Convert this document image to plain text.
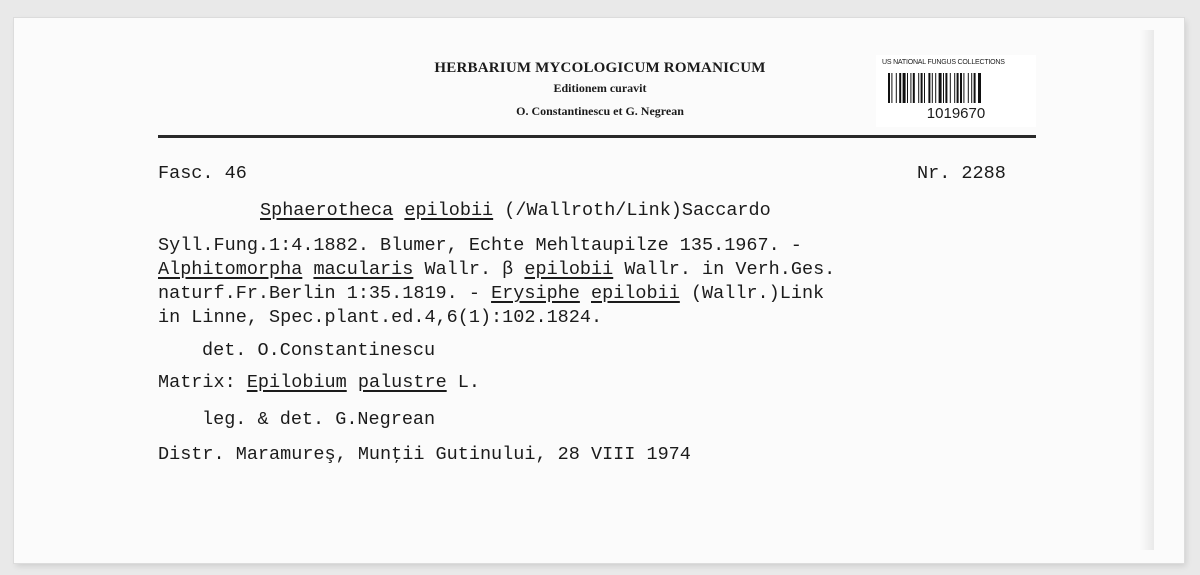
HERBARIUM MYCOLOGICUM ROMANICUM
Editionem curavit
O. Constantinescu et G. Negrean
US NATIONAL FUNGUS COLLECTIONS
1019670
Fasc. 46	Nr. 2288
Sphaerotheca epilobii (/Wallroth/Link)Saccardo
Syll.Fung.1:4.1882. Blumer, Echte Mehltaupilze 135.1967. -
Alphitomorpha macularis Wallr. β epilobii Wallr. in Verh.Ges.
naturf.Fr.Berlin 1:35.1819. - Erysiphe epilobii (Wallr.)Link
in Linne, Spec.plant.ed.4,6(1):102.1824.
det. O.Constantinescu
Matrix: Epilobium palustre L.
leg. & det. G.Negrean
Distr. Maramureş, Munţii Gutinului, 28 VIII 1974
